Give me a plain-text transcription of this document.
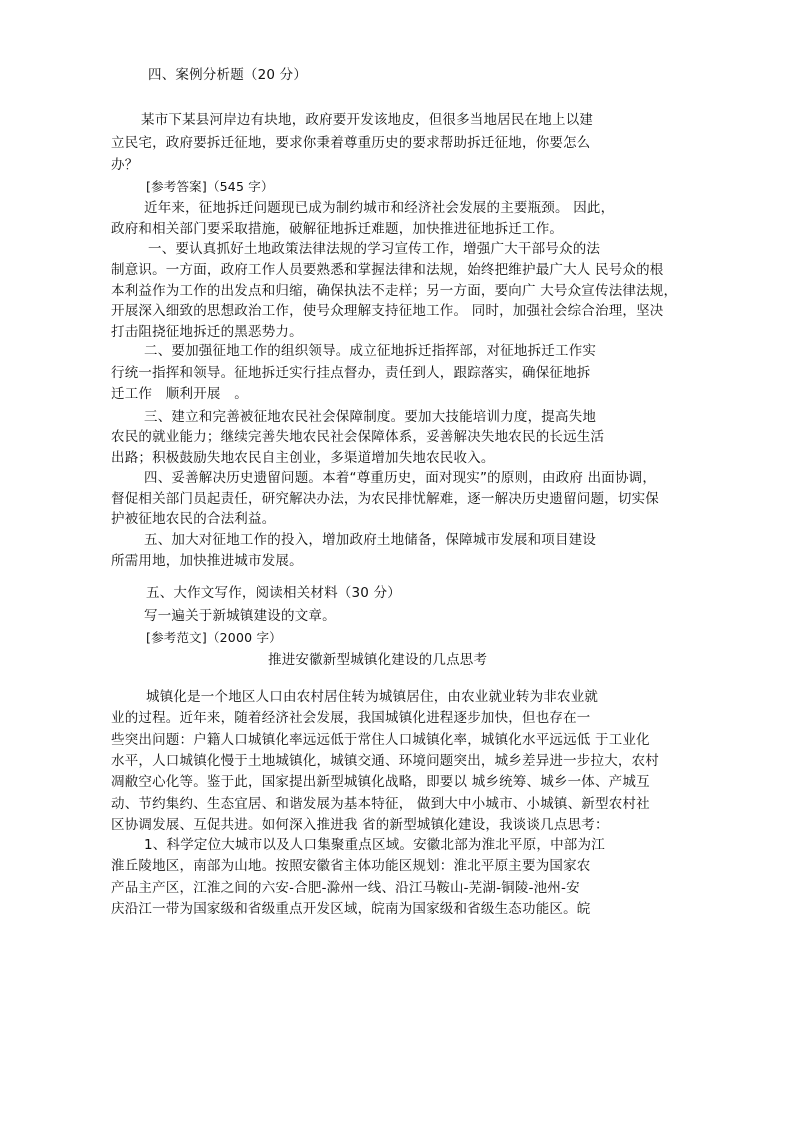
四、案例分析题（20 分）
某市下某县河岸边有块地，政府要开发该地皮，但很多当地居民在地上以建
立民宅，政府要拆迁征地，要求你秉着尊重历史的要求帮助拆迁征地，你要怎么
办？
[参考答案]（545 字）
近年来，征地拆迁问题现已成为制约城市和经济社会发展的主要瓶颈。 因此，
政府和相关部门要采取措施，破解征地拆迁难题，加快推进征地拆迁工作。
一、要认真抓好土地政策法律法规的学习宣传工作，增强广大干部号众的法
制意识。一方面，政府工作人员要熟悉和掌握法律和法规，始终把维护最广大人 民号众的根
本利益作为工作的出发点和归缩，确保执法不走样；另一方面，要向广 大号众宣传法律法规，
开展深入细致的思想政治工作，使号众理解支持征地工作。 同时，加强社会综合治理，坚决
打击阻挠征地拆迁的黑恶势力。
二、要加强征地工作的组织领导。成立征地拆迁指挥部，对征地拆迁工作实
行统一指挥和领导。征地拆迁实行挂点督办，责任到人，跟踪落实，确保征地拆
迁工作　顺利开展　。
三、建立和完善被征地农民社会保障制度。要加大技能培训力度，提高失地
农民的就业能力；继续完善失地农民社会保障体系，妥善解决失地农民的长远生活
出路；积极鼓励失地农民自主创业，多渠道增加失地农民收入。
四、妥善解决历史遗留问题。本着“尊重历史，面对现实”的原则，由政府 出面协调，
督促相关部门员起责任，研究解决办法，为农民排忧解难，逐一解决历史遗留问题，切实保
护被征地农民的合法利益。
五、加大对征地工作的投入，增加政府土地储备，保障城市发展和项目建设
所需用地，加快推进城市发展。
五、大作文写作，阅读相关材料（30 分）
写一遍关于新城镇建设的文章。
[参考范文]（2000 字）
推进安徽新型城镇化建设的几点思考
城镇化是一个地区人口由农村居住转为城镇居住，由农业就业转为非农业就
业的过程。近年来，随着经济社会发展，我国城镇化进程逐步加快，但也存在一
些突出问题：户籍人口城镇化率远远低于常住人口城镇化率，城镇化水平远远低 于工业化
水平，人口城镇化慢于土地城镇化，城镇交通、环境问题突出，城乡差异进一步拉大，农村
凋敝空心化等。鉴于此，国家提出新型城镇化战略，即要以 城乡统筹、城乡一体、产城互
动、节约集约、生态宜居、和谐发展为基本特征， 做到大中小城市、小城镇、新型农村社
区协调发展、互促共进。如何深入推进我 省的新型城镇化建设，我谈谈几点思考：
1、科学定位大城市以及人口集聚重点区域。安徽北部为淮北平原，中部为江
淮丘陵地区，南部为山地。按照安徽省主体功能区规划：淮北平原主要为国家农
产品主产区，江淮之间的六安-合肥-滁州一线、沿江马鞍山-芜湖-铜陵-池州-安
庆沿江一带为国家级和省级重点开发区域，皖南为国家级和省级生态功能区。皖
